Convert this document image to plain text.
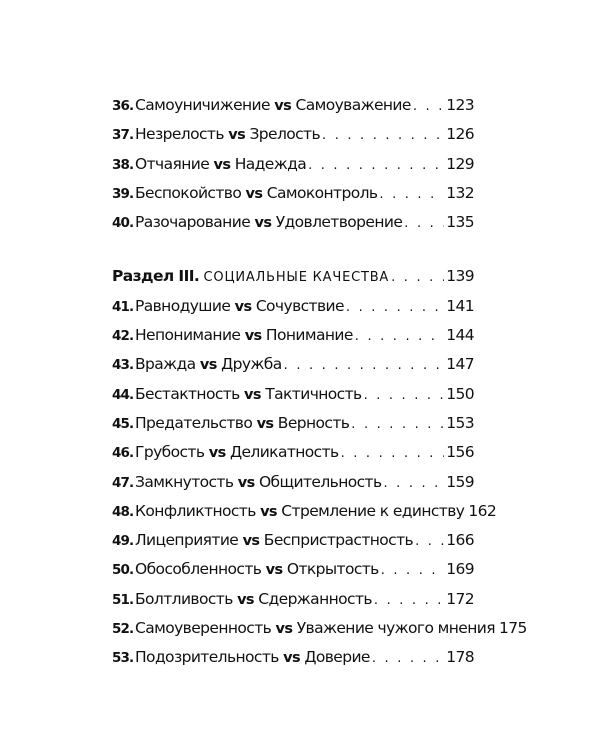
36. Самоуничижение vs Самоуважение . . . 123
37. Незрелость vs Зрелость . . .	126
38. Отчаяние vs Надежда . . .	129
39. Беспокойство vs Самоконтроль . . .	132
40. Разочарование vs Удовлетворение . . .	135
Раздел III. СОЦИАЛЬНЫЕ КАЧЕСТВА . . .	139
41. Равнодушие vs Сочувствие . . .	141
42. Непонимание vs Понимание . . .	144
43. Вражда vs Дружба . . .	147
44. Бестактность vs Тактичность . . .	150
45. Предательство vs Верность . . .	153
46. Грубость vs Деликатность . . .	156
47. Замкнутость vs Общительность . . .	159
48. Конфликтность vs Стремление к единству . . . 162
49. Лицеприятие vs Беспристрастность . . . 166
50. Обособленность vs Открытость . . .	169
51. Болтливость vs Сдержанность . . .	172
52. Самоуверенность vs Уважение чужого мнения . . . 175
53. Подозрительность vs Доверие . . .	178
